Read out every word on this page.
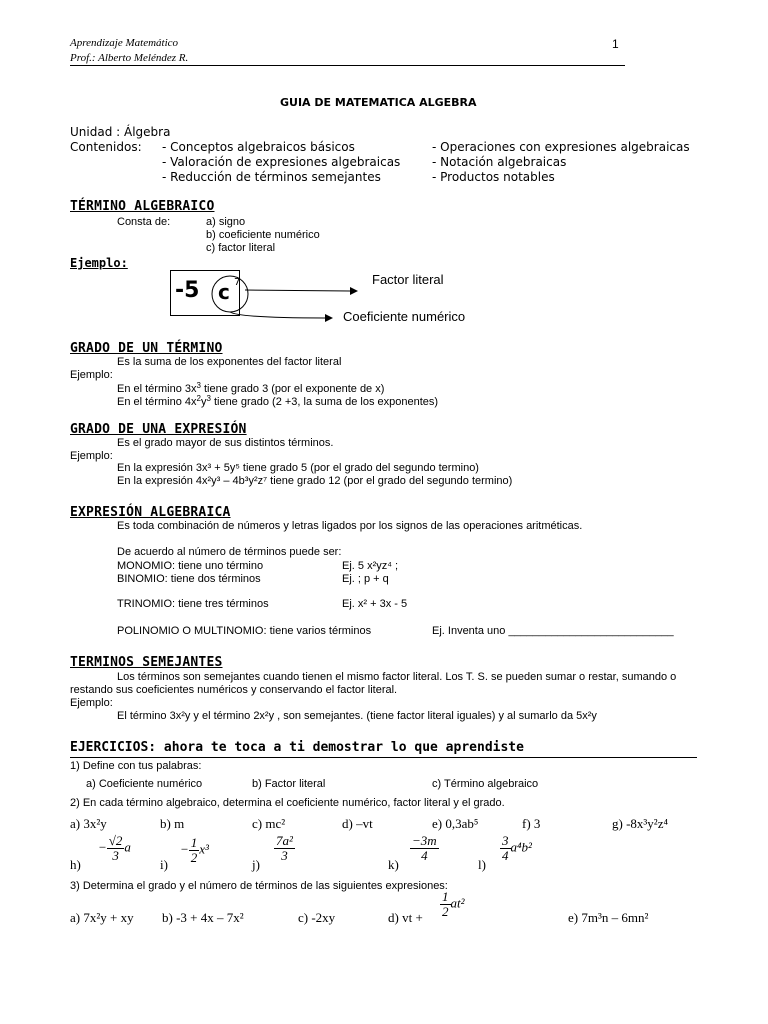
Aprendizaje Matemático
Prof.: Alberto Meléndez R.
1
GUIA DE MATEMATICA ALGEBRA
Unidad : Álgebra
Contenidos: - Conceptos algebraicos básicos
- Valoración de expresiones algebraicas
- Reducción de términos semejantes
- Operaciones con expresiones algebraicas
- Notación algebraicas
- Productos notables
TÉRMINO ALGEBRAICO
Consta de:	a) signo
b) coeficiente numérico
c) factor literal
Ejemplo:
-5 c 7	Factor literal
Coeficiente numérico
GRADO DE UN TÉRMINO
Es la suma de los exponentes del factor literal
Ejemplo:
En el término $3x^3$ tiene grado 3 (por el exponente de x)
En el término $4x^2y^3$ tiene grado (2 +3, la suma de los exponentes)
GRADO DE UNA EXPRESIÓN
Es el grado mayor de sus distintos términos.
Ejemplo:
En la expresión 3x³ + 5y⁵ tiene grado 5 (por el grado del segundo termino)
En la expresión 4x²y³ – 4b³y²z⁷ tiene grado 12 (por el grado del segundo termino)
EXPRESIÓN ALGEBRAICA
Es toda combinación de números y letras ligados por los signos de las operaciones aritméticas.
De acuerdo al número de términos puede ser:
MONOMIO: tiene uno término	Ej. 5 x²yz⁴ ;
BINOMIO: tiene dos términos	Ej. ; p + q
TRINOMIO: tiene tres términos	Ej. x² + 3x - 5
POLINOMIO O MULTINOMIO: tiene varios términos	Ej. Inventa uno ___________________________
TERMINOS SEMEJANTES
Los términos son semejantes cuando tienen el mismo factor literal. Los T. S. se pueden sumar o restar, sumando o
restando sus coeficientes numéricos y conservando el factor literal.
Ejemplo:
El término 3x²y y el término 2x²y , son semejantes. (tiene factor literal iguales) y al sumarlo da 5x²y
EJERCICIOS: ahora te toca a ti demostrar lo que aprendiste
1) Define con tus palabras:
a) Coeficiente numérico	b) Factor literal	c) Término algebraico
2) En cada término algebraico, determina el coeficiente numérico, factor literal y el grado.
a) 3x²y	b) m	c) mc²	d) –vt	e) 0,3ab⁵	f) 3	g) -8x³y²z⁴
h)
− $\frac{√2}{3}$ a
i)
− $\frac{1}{2} x^3$
j)
$\frac{\text{7a²}}{3}$
k)
$\frac{-3m}{4}$
l)
$\frac{3}{4} a^4b^2$
3) Determina el grado y el número de términos de las siguientes expresiones:
a) 7x²y + xy b) -3 + 4x – 7x²	c) -2xy	d) vt + $\frac{1}{2} at^2$
e) 7m³n – 6mn²
